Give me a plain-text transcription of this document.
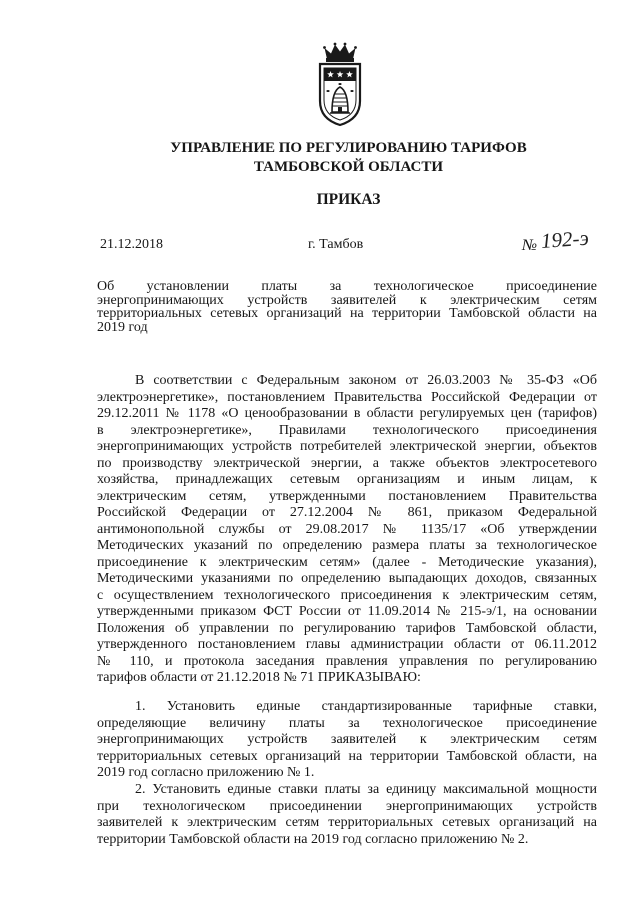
УПРАВЛЕНИЕ ПО РЕГУЛИРОВАНИЮ ТАРИФОВ
ТАМБОВСКОЙ ОБЛАСТИ
ПРИКАЗ
21.12.2018	г. Тамбов	№ 192-э
Об установлении платы за технологическое присоединение
энергопринимающих устройств заявителей к электрическим сетям
территориальных сетевых организаций на территории Тамбовской области на
2019 год
В соответствии с Федеральным законом от 26.03.2003 № 35-ФЗ «Об
электроэнергетике», постановлением Правительства Российской Федерации от
29.12.2011 № 1178 «О ценообразовании в области регулируемых цен (тарифов)
в электроэнергетике», Правилами технологического присоединения
энергопринимающих устройств потребителей электрической энергии, объектов
по производству электрической энергии, а также объектов электросетевого
хозяйства, принадлежащих сетевым организациям и иным лицам, к
электрическим сетям, утвержденными постановлением Правительства
Российской Федерации от 27.12.2004 № 861, приказом Федеральной
антимонопольной службы от 29.08.2017 № 1135/17 «Об утверждении
Методических указаний по определению размера платы за технологическое
присоединение к электрическим сетям» (далее - Методические указания),
Методическими указаниями по определению выпадающих доходов, связанных
с осуществлением технологического присоединения к электрическим сетям,
утвержденными приказом ФСТ России от 11.09.2014 № 215-э/1, на основании
Положения об управлении по регулированию тарифов Тамбовской области,
утвержденного постановлением главы администрации области от 06.11.2012
№ 110, и протокола заседания правления управления по регулированию
тарифов области от 21.12.2018 № 71 ПРИКАЗЫВАЮ:
1. Установить единые стандартизированные тарифные ставки,
определяющие величину платы за технологическое присоединение
энергопринимающих устройств заявителей к электрическим сетям
территориальных сетевых организаций на территории Тамбовской области, на
2019 год согласно приложению № 1.
2. Установить единые ставки платы за единицу максимальной мощности
при технологическом присоединении энергопринимающих устройств
заявителей к электрическим сетям территориальных сетевых организаций на
территории Тамбовской области на 2019 год согласно приложению № 2.
